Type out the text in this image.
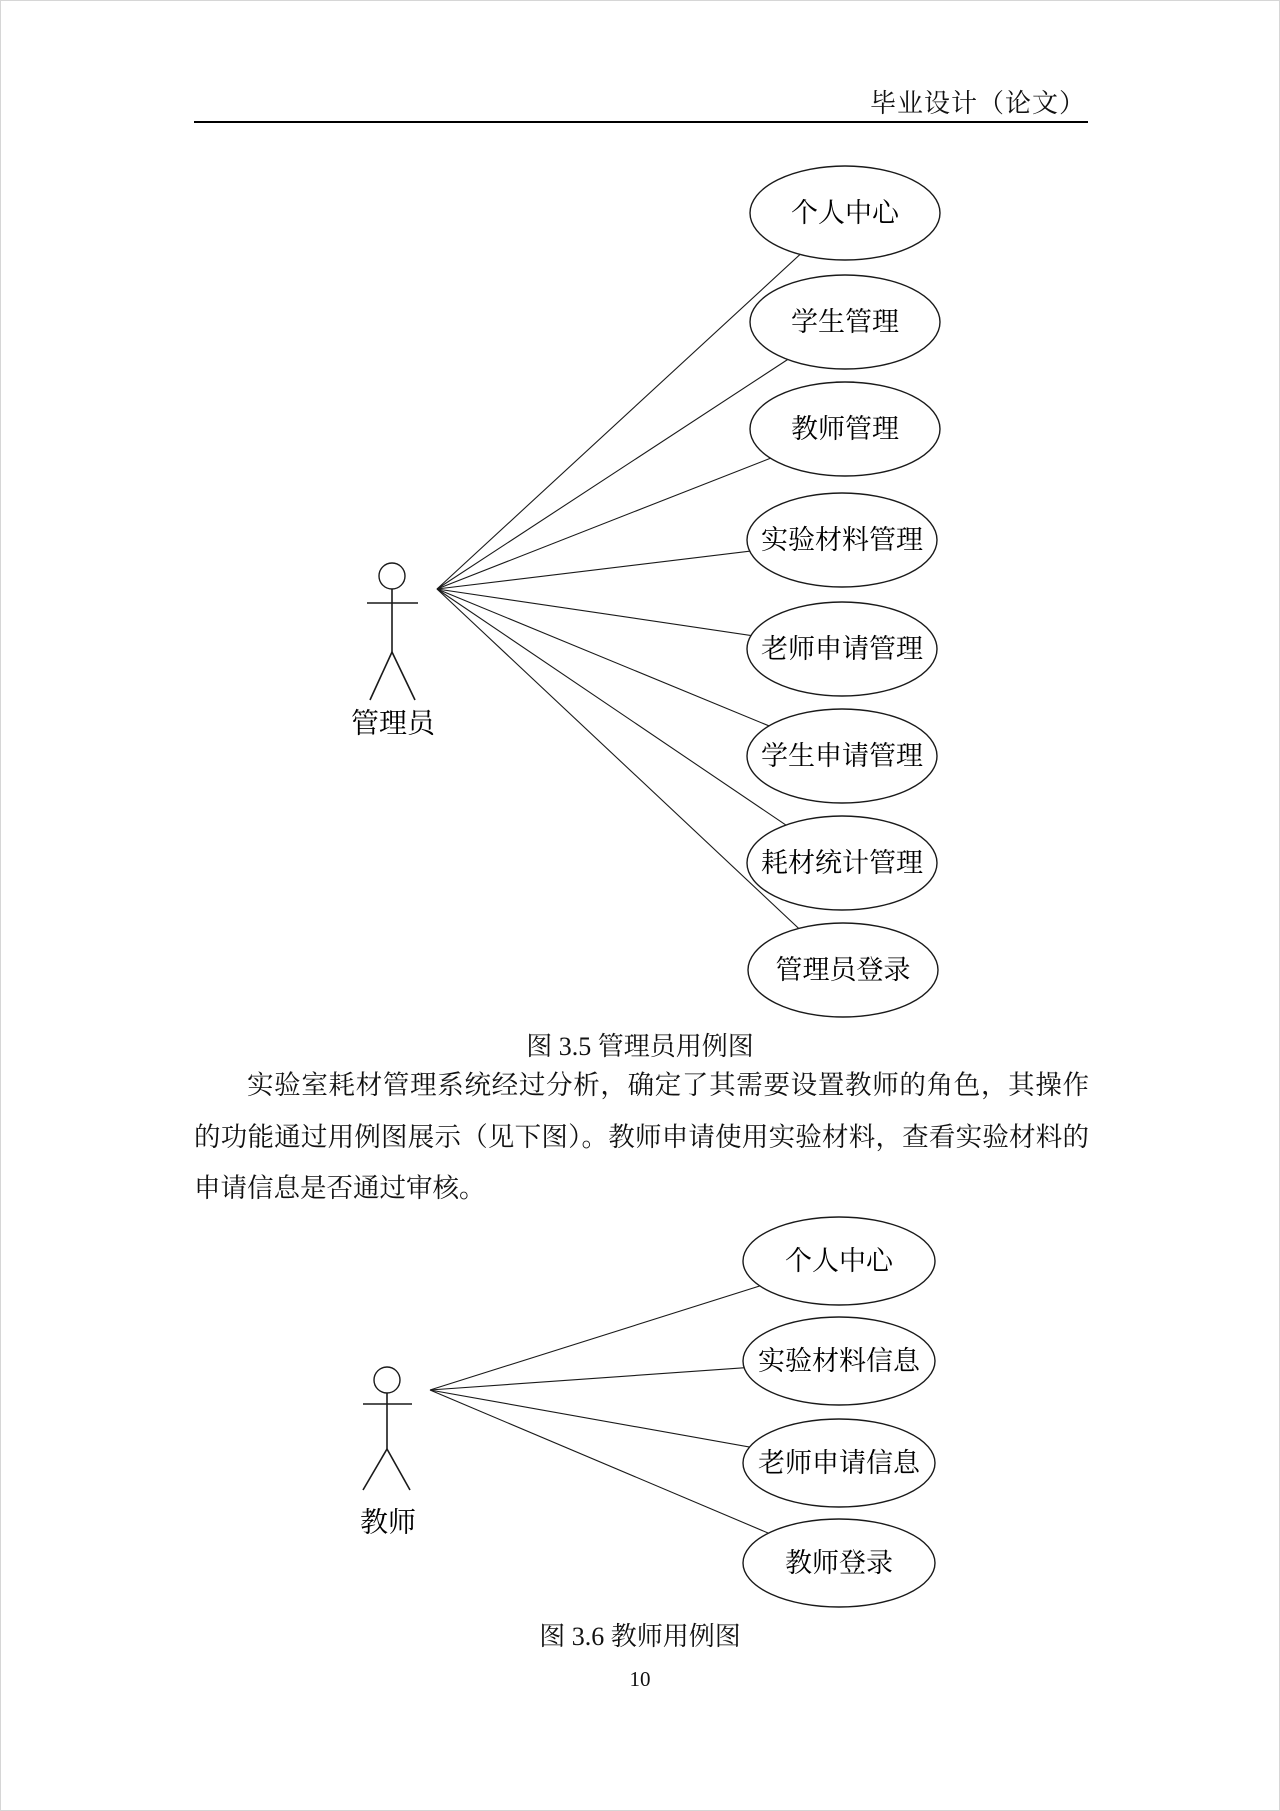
毕业设计（论文）
个人中心
学生管理
教师管理
实验材料管理
老师申请管理
学生申请管理
耗材统计管理
管理员登录
管理员
个人中心
实验材料信息
老师申请信息
教师登录
教师
图 3.5 管理员用例图
实验室耗材管理系统经过分析，确定了其需要设置教师的角色，其操作的功能通过用例图展示（见下图）。教师申请使用实验材料，查看实验材料的申请信息是否通过审核。
图 3.6 教师用例图
10
